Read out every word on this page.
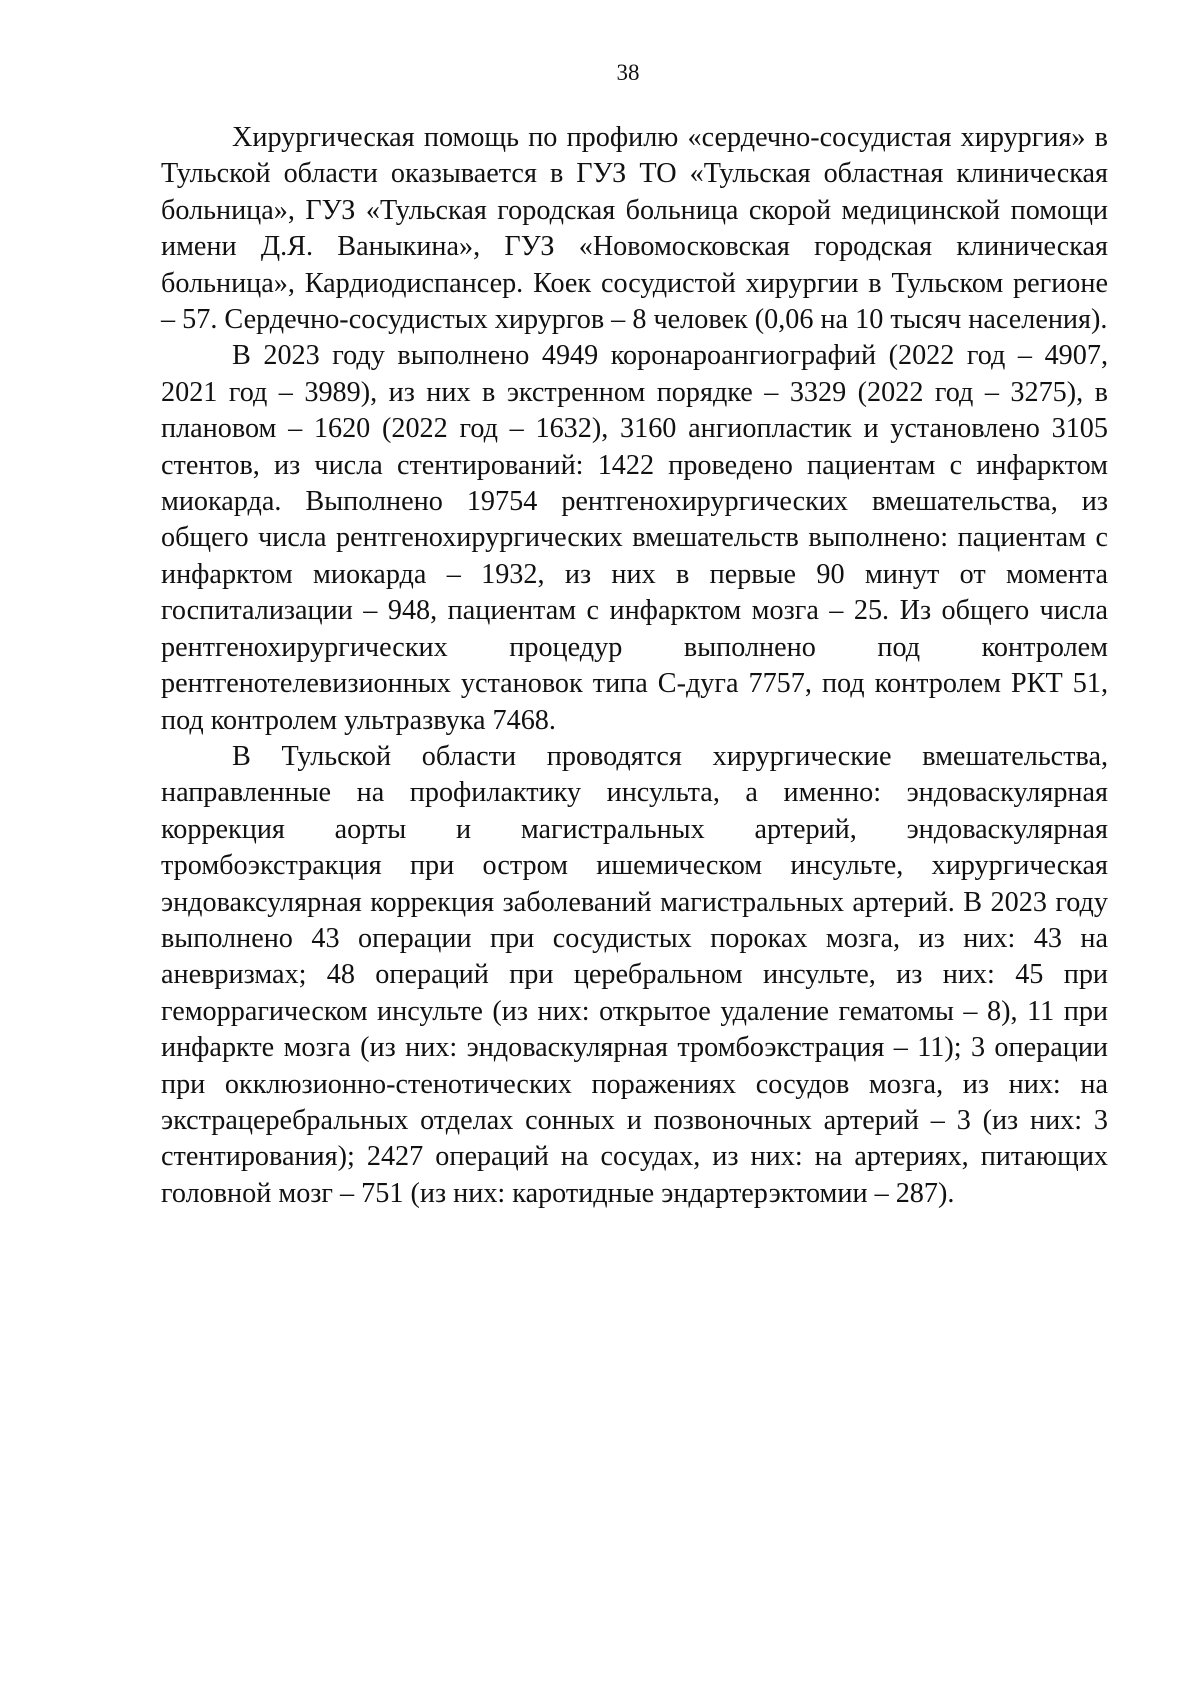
38

Хирургическая помощь по профилю «сердечно-сосудистая хирургия» в Тульской области оказывается в ГУЗ ТО «Тульская областная клиническая больница», ГУЗ «Тульская городская больница скорой медицинской помощи имени Д.Я. Ваныкина», ГУЗ «Новомосковская городская клиническая больница», Кардиодиспансер. Коек сосудистой хирургии в Тульском регионе – 57. Сердечно-сосудистых хирургов – 8 человек (0,06 на 10 тысяч населения).

В 2023 году выполнено 4949 коронароангиографий (2022 год – 4907, 2021 год – 3989), из них в экстренном порядке – 3329 (2022 год – 3275), в плановом – 1620 (2022 год – 1632), 3160 ангиопластик и установлено 3105 стентов, из числа стентирований: 1422 проведено пациентам с инфарктом миокарда. Выполнено 19754 рентгенохирургических вмешательства, из общего числа рентгенохирургических вмешательств выполнено: пациентам с инфарктом миокарда – 1932, из них в первые 90 минут от момента госпитализации – 948, пациентам с инфарктом мозга – 25. Из общего числа рентгенохирургических процедур выполнено под контролем рентгенотелевизионных установок типа С-дуга 7757, под контролем РКТ 51, под контролем ультразвука 7468.

В Тульской области проводятся хирургические вмешательства, направленные на профилактику инсульта, а именно: эндоваскулярная коррекция аорты и магистральных артерий, эндоваскулярная тромбоэкстракция при остром ишемическом инсульте, хирургическая эндоваксулярная коррекция заболеваний магистральных артерий. В 2023 году выполнено 43 операции при сосудистых пороках мозга, из них: 43 на аневризмах; 48 операций при церебральном инсульте, из них: 45 при геморрагическом инсульте (из них: открытое удаление гематомы – 8), 11 при инфаркте мозга (из них: эндоваскулярная тромбоэкстрация – 11); 3 операции при окклюзионно-стенотических поражениях сосудов мозга, из них: на экстрацеребральных отделах сонных и позвоночных артерий – 3 (из них: 3 стентирования); 2427 операций на сосудах, из них: на артериях, питающих головной мозг – 751 (из них: каротидные эндартерэктомии – 287).
